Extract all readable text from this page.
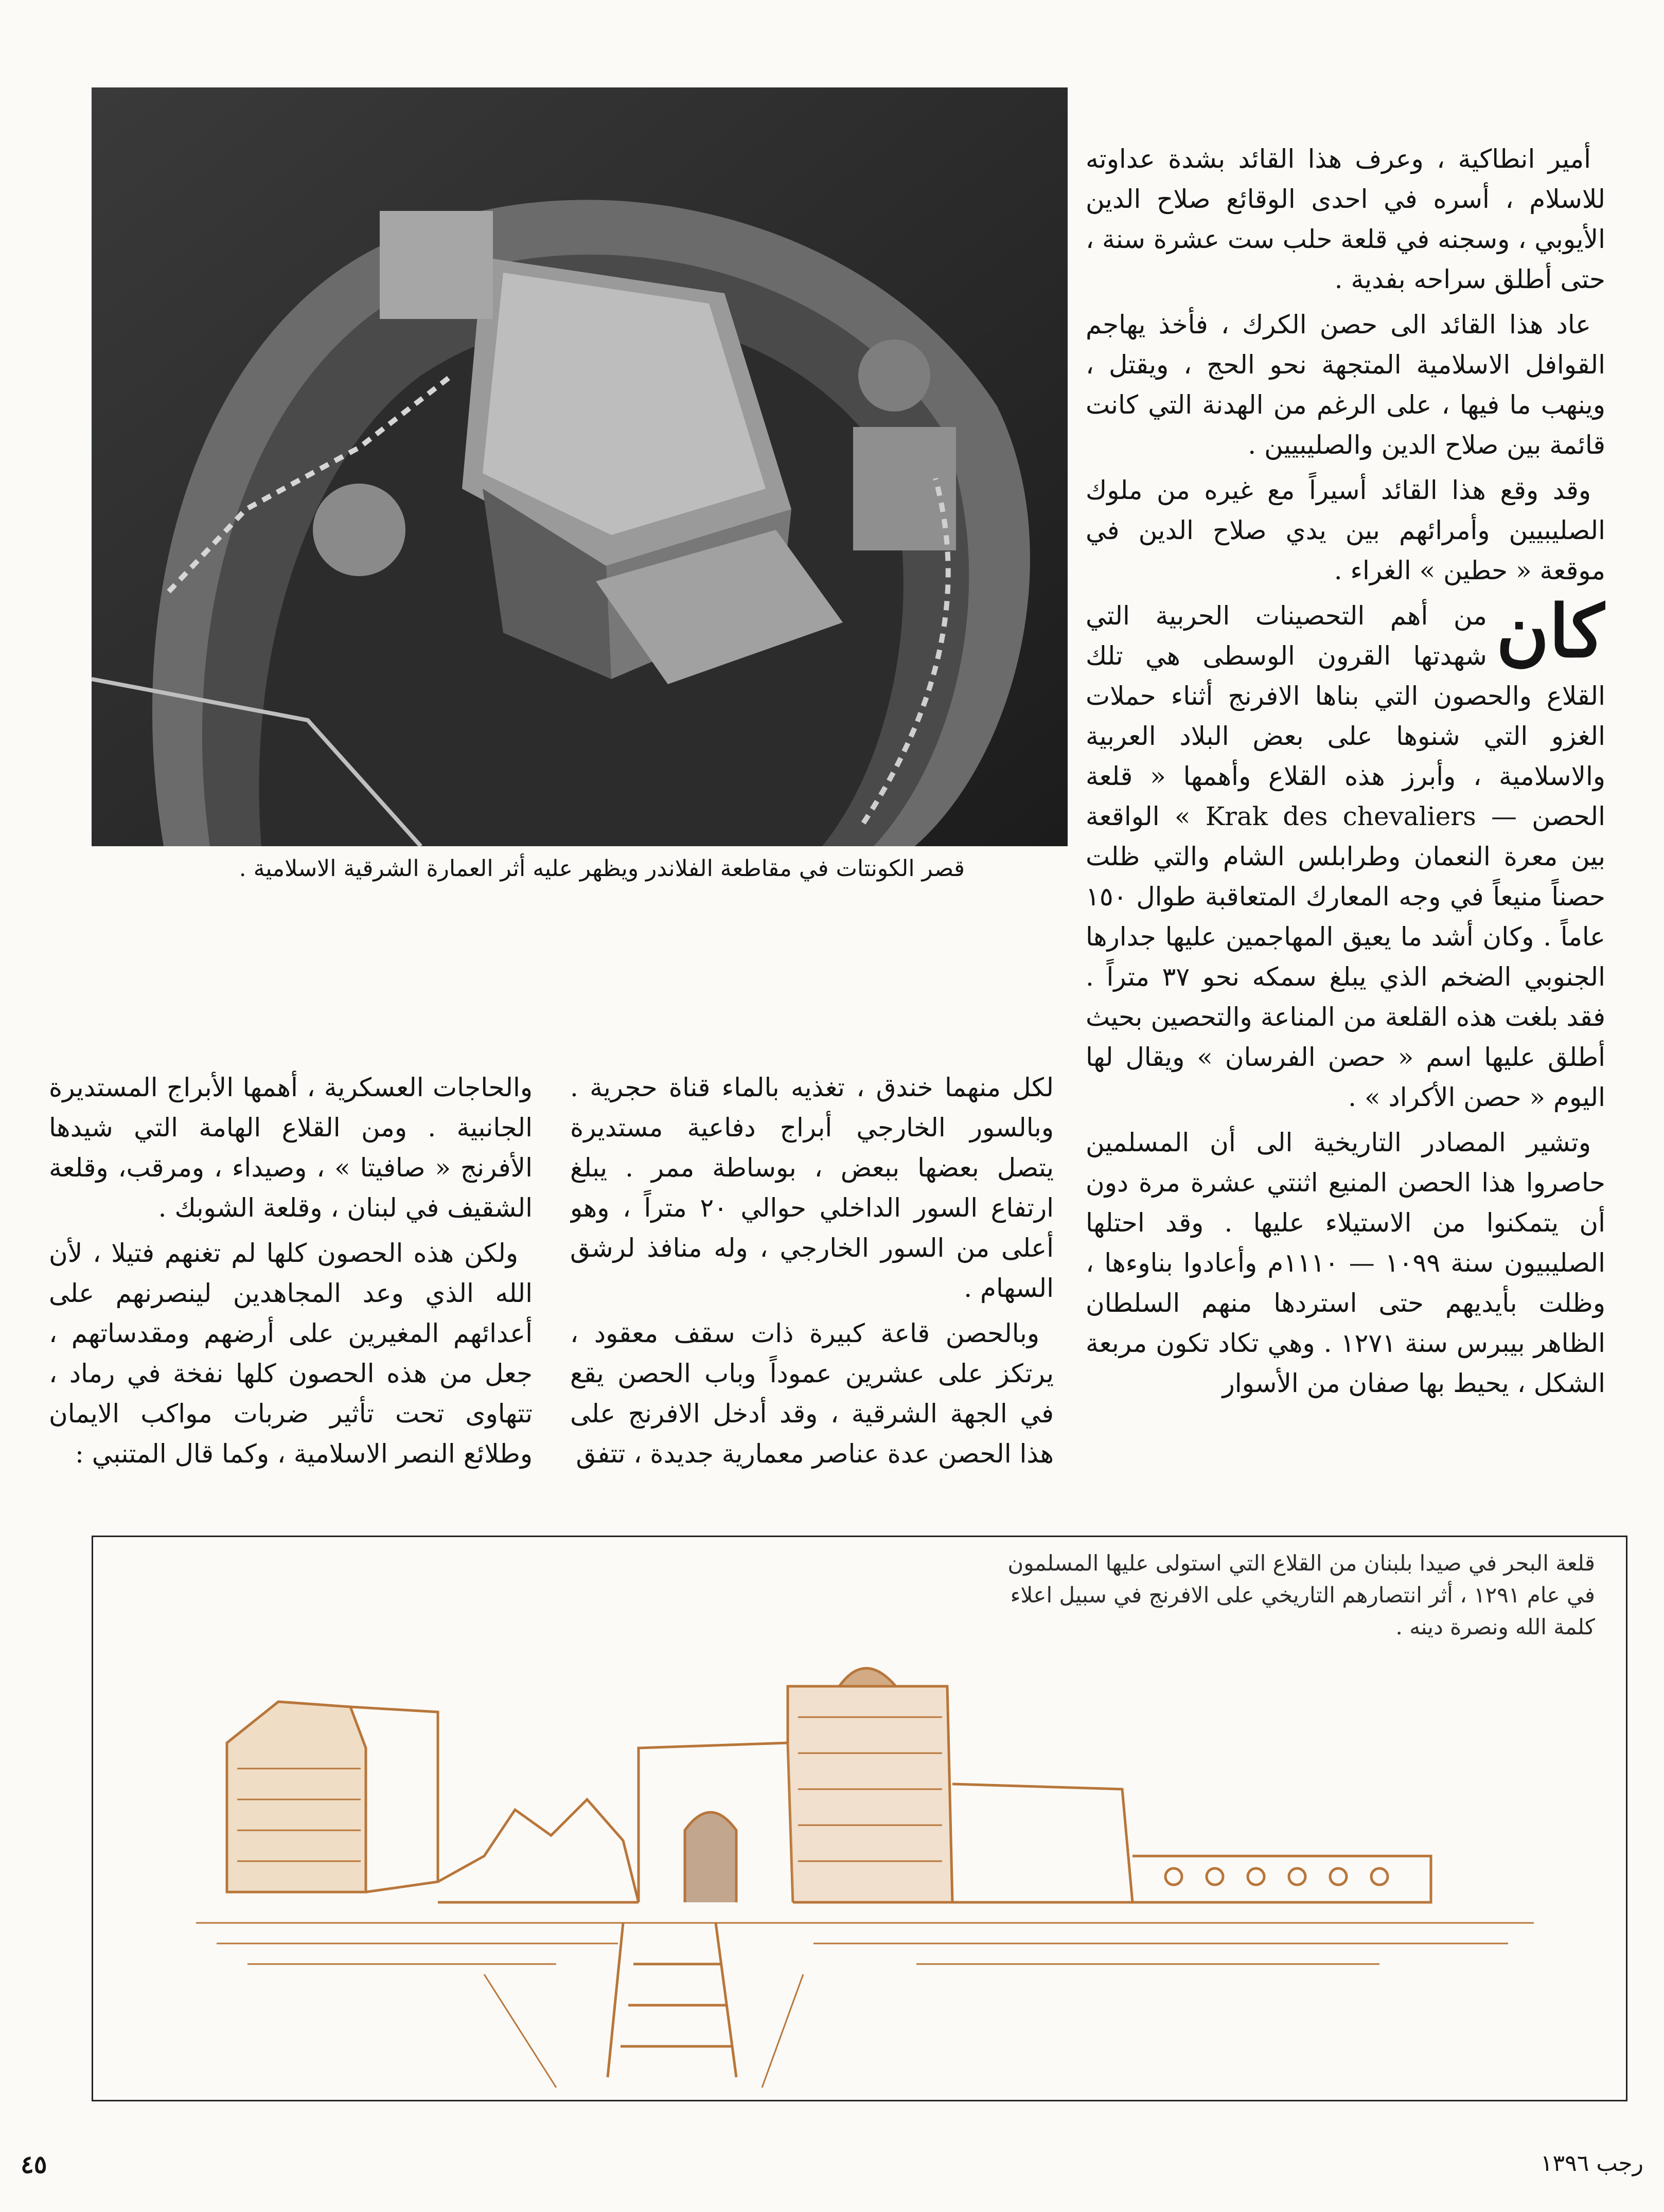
قصر الكونتات في مقاطعة الفلاندر ويظهر عليه أثر العمارة الشرقية الاسلامية .

أمير انطاكية ، وعرف هذا القائد بشدة عداوته للاسلام ، أسره في احدى الوقائع صلاح الدين الأيوبي ، وسجنه في قلعة حلب ست عشرة سنة ، حتى أطلق سراحه بفدية .

عاد هذا القائد الى حصن الكرك ، فأخذ يهاجم القوافل الاسلامية المتجهة نحو الحج ، ويقتل ، وينهب ما فيها ، على الرغم من الهدنة التي كانت قائمة بين صلاح الدين والصليبيين .

وقد وقع هذا القائد أسيراً مع غيره من ملوك الصليبيين وأمرائهم بين يدي صلاح الدين في موقعة « حطين » الغراء .

كان
من أهم التحصينات الحربية التي شهدتها القرون الوسطى هي تلك القلاع والحصون التي بناها الافرنج أثناء حملات الغزو التي شنوها على بعض البلاد العربية والاسلامية ، وأبرز هذه القلاع وأهمها « قلعة الحصن — Krak des chevaliers » الواقعة بين معرة النعمان وطرابلس الشام والتي ظلت حصناً منيعاً في وجه المعارك المتعاقبة طوال ١٥٠ عاماً . وكان أشد ما يعيق المهاجمين عليها جدارها الجنوبي الضخم الذي يبلغ سمكه نحو ٣٧ متراً . فقد بلغت هذه القلعة من المناعة والتحصين بحيث أطلق عليها اسم « حصن الفرسان » ويقال لها اليوم « حصن الأكراد » .

وتشير المصادر التاريخية الى أن المسلمين حاصروا هذا الحصن المنيع اثنتي عشرة مرة دون أن يتمكنوا من الاستيلاء عليها . وقد احتلها الصليبيون سنة ١٠٩٩ — ١١١٠م وأعادوا بناوءها ، وظلت بأيديهم حتى استردها منهم السلطان الظاهر بيبرس سنة ١٢٧١ . وهي تكاد تكون مربعة الشكل ، يحيط بها صفان من الأسوار

لكل منهما خندق ، تغذيه بالماء قناة حجرية . وبالسور الخارجي أبراج دفاعية مستديرة يتصل بعضها ببعض ، بوساطة ممر . يبلغ ارتفاع السور الداخلي حوالي ٢٠ متراً ، وهو أعلى من السور الخارجي ، وله منافذ لرشق السهام .

وبالحصن قاعة كبيرة ذات سقف معقود ، يرتكز على عشرين عموداً وباب الحصن يقع في الجهة الشرقية ، وقد أدخل الافرنج على هذا الحصن عدة عناصر معمارية جديدة ، تتفق

والحاجات العسكرية ، أهمها الأبراج المستديرة الجانبية . ومن القلاع الهامة التي شيدها الأفرنج « صافيتا » ، وصيداء ، ومرقب، وقلعة الشقيف في لبنان ، وقلعة الشوبك .

ولكن هذه الحصون كلها لم تغنهم فتيلا ، لأن الله الذي وعد المجاهدين لينصرنهم على أعدائهم المغيرين على أرضهم ومقدساتهم ، جعل من هذه الحصون كلها نفخة في رماد ، تتهاوى تحت تأثير ضربات مواكب الايمان وطلائع النصر الاسلامية ، وكما قال المتنبي :

قلعة البحر في صيدا بلبنان من القلاع التي استولى عليها المسلمون في عام ١٢٩١ ، أثر انتصارهم التاريخي على الافرنج في سبيل اعلاء كلمة الله ونصرة دينه .
رجب ١٣٩٦
٤٥
